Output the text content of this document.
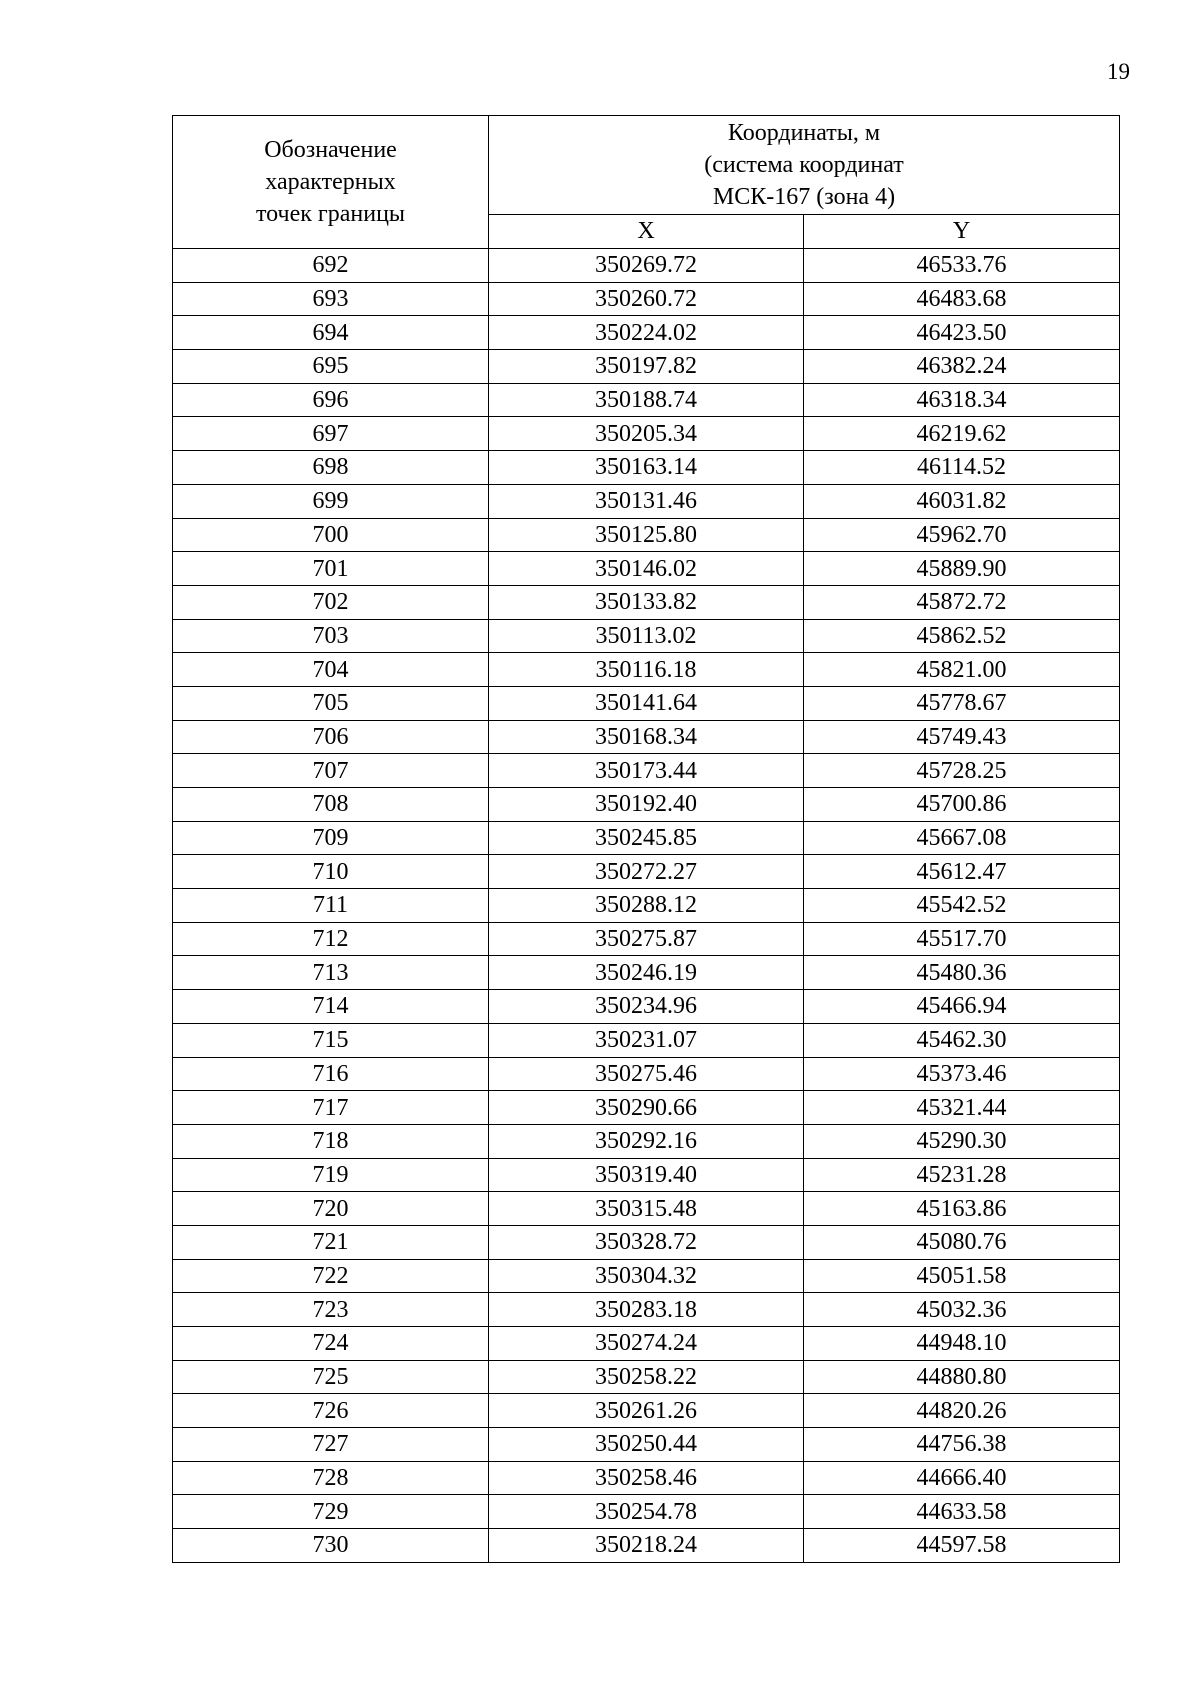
19
Обозначение характерных точек границы	Координаты, м
(система координат
МСК-167 (зона 4)	

	X	Y
692	350269.72	46533.76
693	350260.72	46483.68
694	350224.02	46423.50
695	350197.82	46382.24
696	350188.74	46318.34
697	350205.34	46219.62
698	350163.14	46114.52
699	350131.46	46031.82
700	350125.80	45962.70
701	350146.02	45889.90
702	350133.82	45872.72
703	350113.02	45862.52
704	350116.18	45821.00
705	350141.64	45778.67
706	350168.34	45749.43
707	350173.44	45728.25
708	350192.40	45700.86
709	350245.85	45667.08
710	350272.27	45612.47
711	350288.12	45542.52
712	350275.87	45517.70
713	350246.19	45480.36
714	350234.96	45466.94
715	350231.07	45462.30
716	350275.46	45373.46
717	350290.66	45321.44
718	350292.16	45290.30
719	350319.40	45231.28
720	350315.48	45163.86
721	350328.72	45080.76
722	350304.32	45051.58
723	350283.18	45032.36
724	350274.24	44948.10
725	350258.22	44880.80
726	350261.26	44820.26
727	350250.44	44756.38
728	350258.46	44666.40
729	350254.78	44633.58
730	350218.24	44597.58
